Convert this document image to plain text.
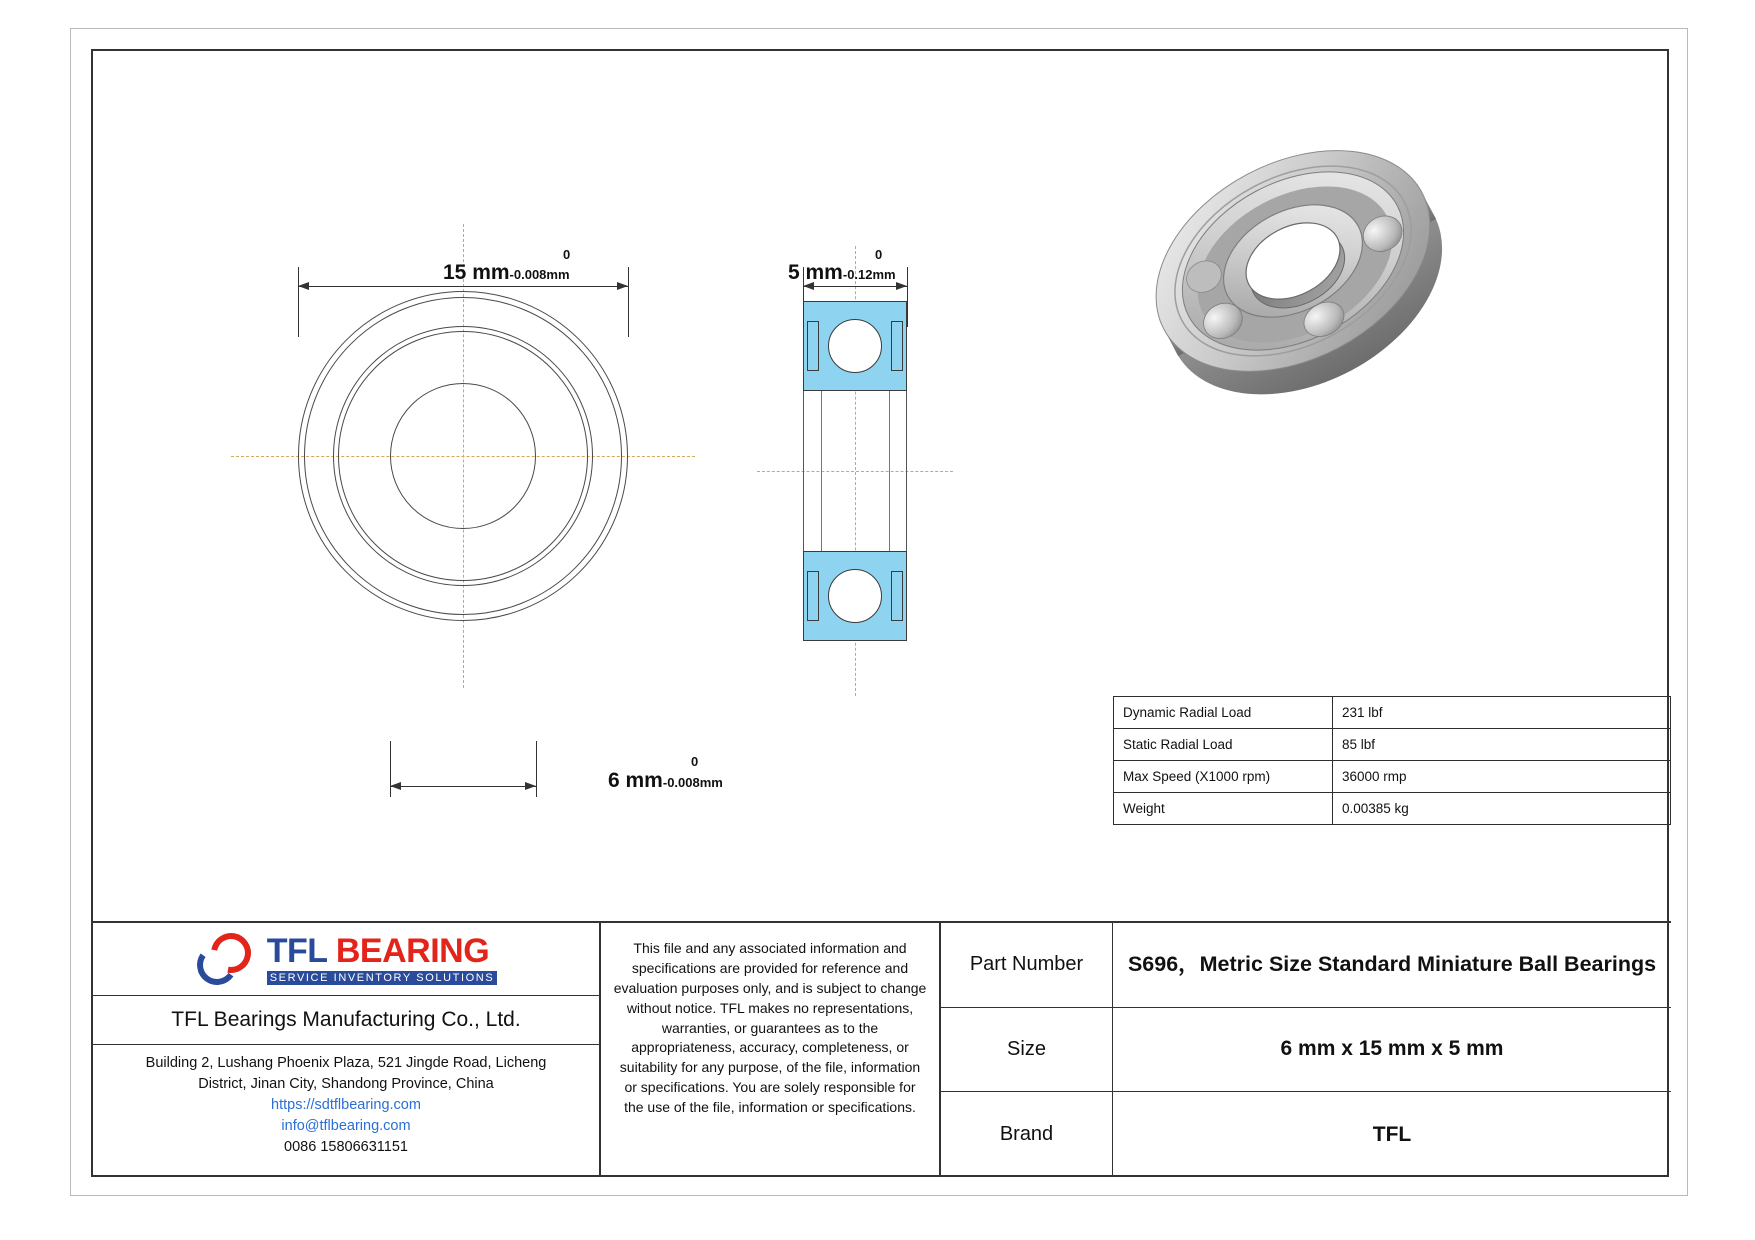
0
15 mm-0.008mm
0
6 mm-0.008mm
0
5 mm-0.12mm
Dynamic Radial Load	231 lbf
Static Radial Load	85 lbf
Max Speed (X1000 rpm)	36000 rmp
Weight	0.00385 kg
TFL BEARING
SERVICE INVENTORY SOLUTIONS
TFL Bearings Manufacturing Co., Ltd.
Building 2, Lushang Phoenix Plaza, 521 Jingde Road, Licheng
District, Jinan City, Shandong Province, China
https://sdtflbearing.com
info@tflbearing.com
0086 15806631151
This file and any associated information and specifications are provided for reference and evaluation purposes only, and is subject to change without notice. TFL makes no representations, warranties, or guarantees as to the appropriateness, accuracy, completeness, or suitability for any purpose, of the file, information or specifications. You are solely responsible for the use of the file, information or specifications.
Part Number	S696，Metric Size Standard Miniature Ball Bearings
Size	6 mm x 15 mm x 5 mm
Brand	TFL
